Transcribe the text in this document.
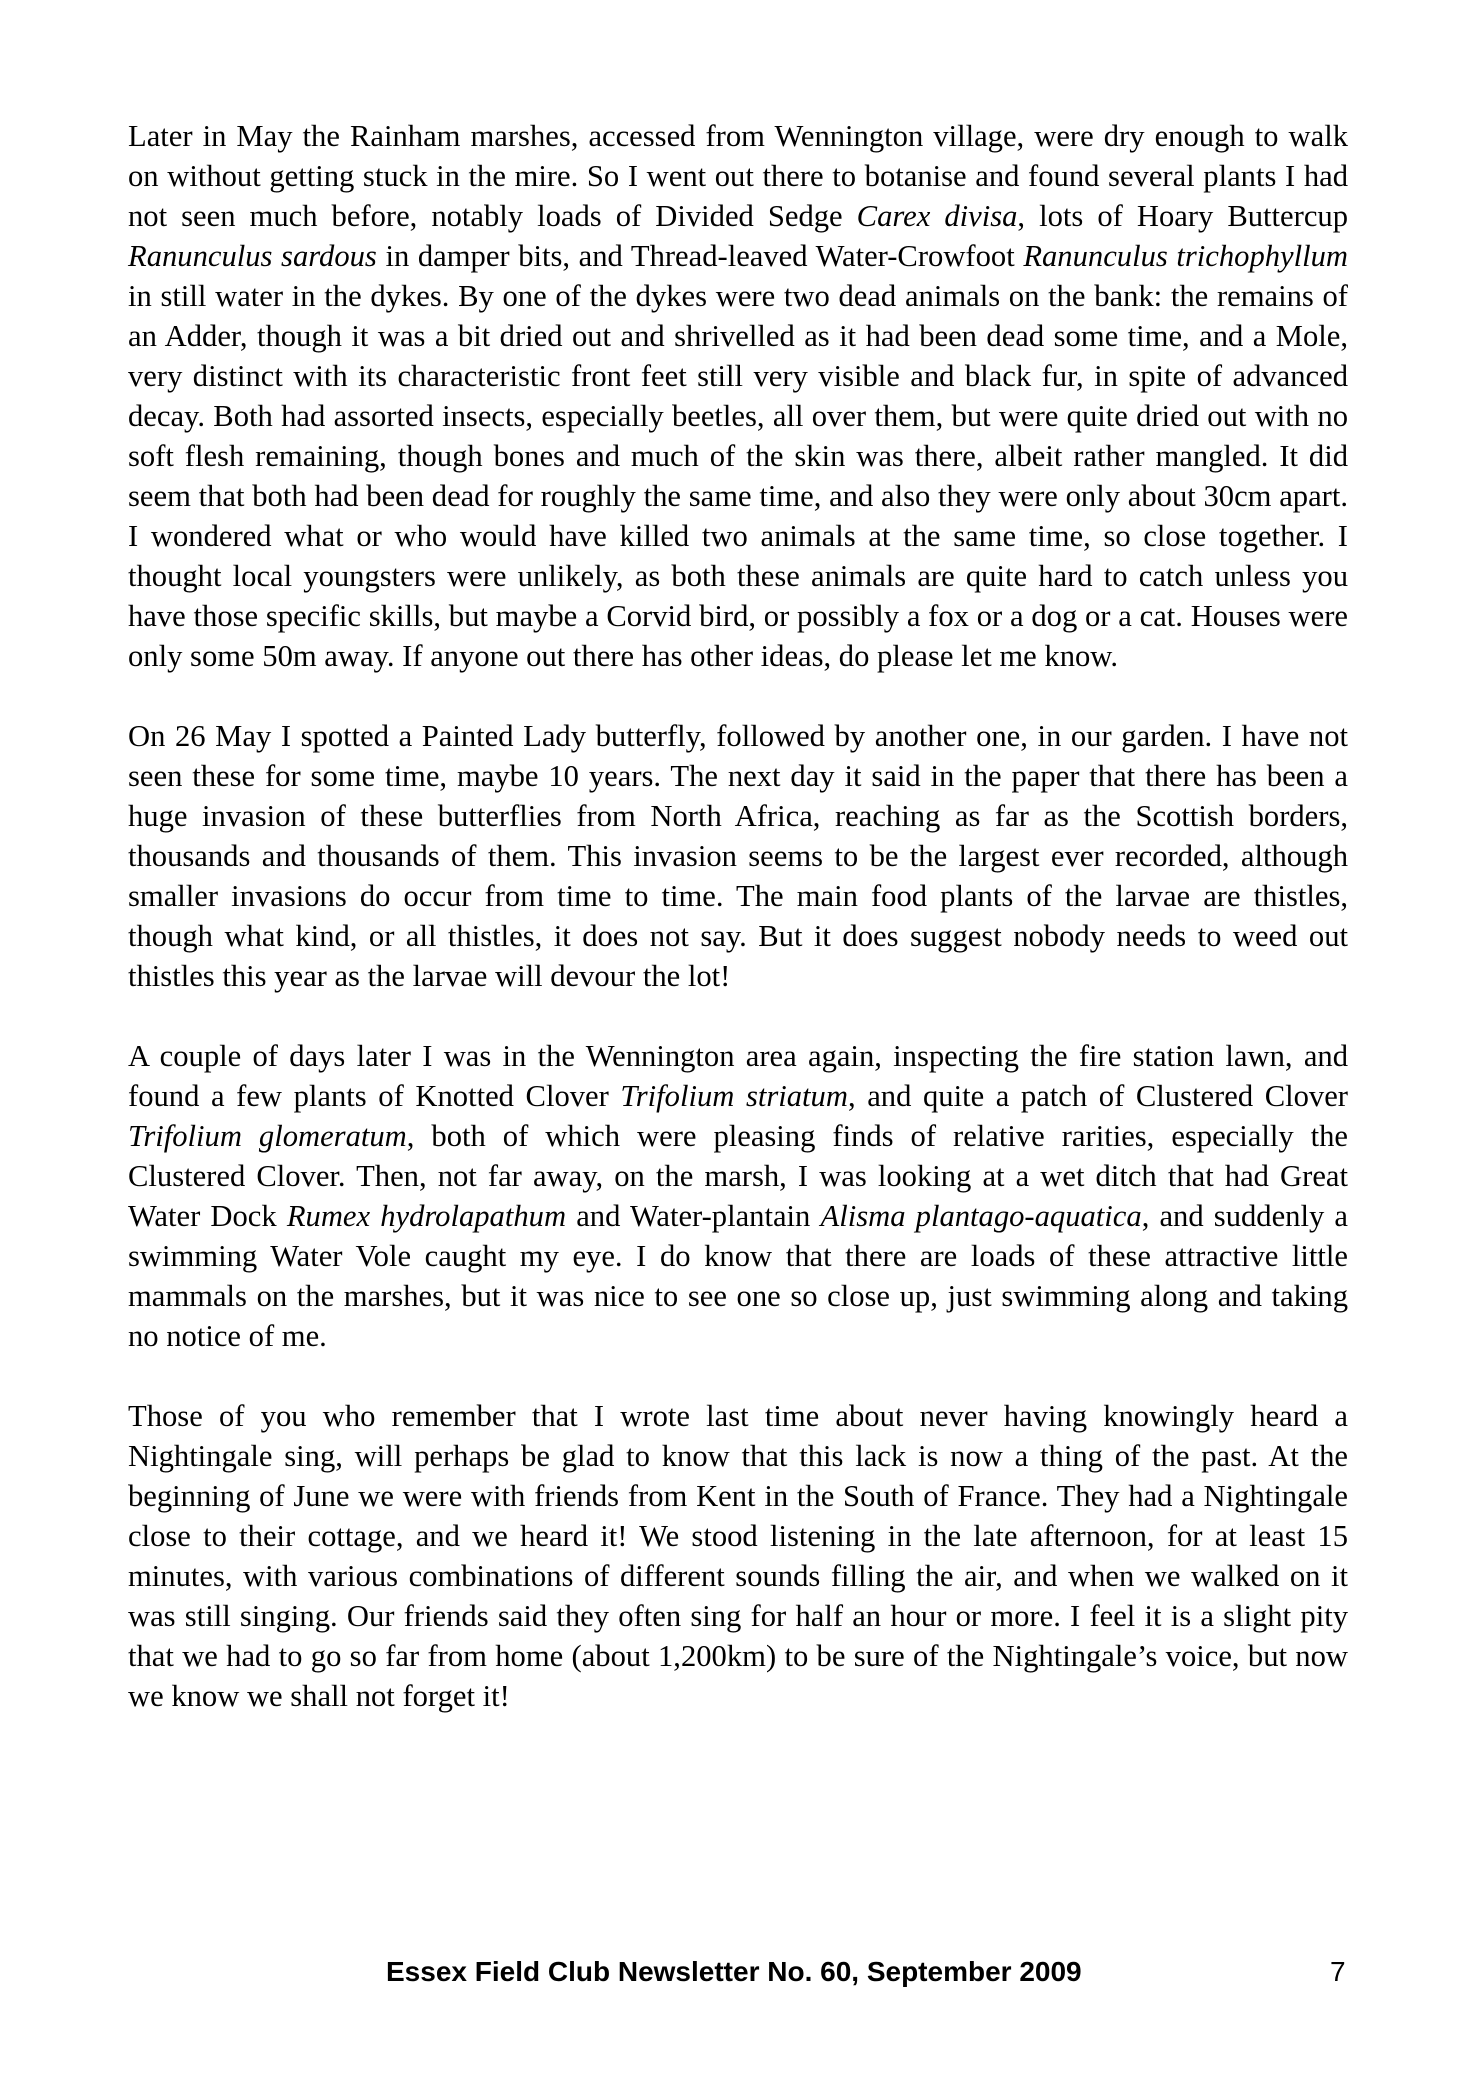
Later in May the Rainham marshes, accessed from Wennington village, were dry enough to walk on without getting stuck in the mire. So I went out there to botanise and found several plants I had not seen much before, notably loads of Divided Sedge Carex divisa, lots of Hoary Buttercup Ranunculus sardous in damper bits, and Thread-leaved Water-Crowfoot Ranunculus trichophyllum in still water in the dykes. By one of the dykes were two dead animals on the bank: the remains of an Adder, though it was a bit dried out and shrivelled as it had been dead some time, and a Mole, very distinct with its characteristic front feet still very visible and black fur, in spite of advanced decay. Both had assorted insects, especially beetles, all over them, but were quite dried out with no soft flesh remaining, though bones and much of the skin was there, albeit rather mangled. It did seem that both had been dead for roughly the same time, and also they were only about 30cm apart. I wondered what or who would have killed two animals at the same time, so close together. I thought local youngsters were unlikely, as both these animals are quite hard to catch unless you have those specific skills, but maybe a Corvid bird, or possibly a fox or a dog or a cat. Houses were only some 50m away. If anyone out there has other ideas, do please let me know.

On 26 May I spotted a Painted Lady butterfly, followed by another one, in our garden. I have not seen these for some time, maybe 10 years. The next day it said in the paper that there has been a huge invasion of these butterflies from North Africa, reaching as far as the Scottish borders, thousands and thousands of them. This invasion seems to be the largest ever recorded, although smaller invasions do occur from time to time. The main food plants of the larvae are thistles, though what kind, or all thistles, it does not say. But it does suggest nobody needs to weed out thistles this year as the larvae will devour the lot!

A couple of days later I was in the Wennington area again, inspecting the fire station lawn, and found a few plants of Knotted Clover Trifolium striatum, and quite a patch of Clustered Clover Trifolium glomeratum, both of which were pleasing finds of relative rarities, especially the Clustered Clover. Then, not far away, on the marsh, I was looking at a wet ditch that had Great Water Dock Rumex hydrolapathum and Water-plantain Alisma plantago-aquatica, and suddenly a swimming Water Vole caught my eye. I do know that there are loads of these attractive little mammals on the marshes, but it was nice to see one so close up, just swimming along and taking no notice of me.

Those of you who remember that I wrote last time about never having knowingly heard a Nightingale sing, will perhaps be glad to know that this lack is now a thing of the past. At the beginning of June we were with friends from Kent in the South of France. They had a Nightingale close to their cottage, and we heard it! We stood listening in the late afternoon, for at least 15 minutes, with various combinations of different sounds filling the air, and when we walked on it was still singing. Our friends said they often sing for half an hour or more. I feel it is a slight pity that we had to go so far from home (about 1,200km) to be sure of the Nightingale’s voice, but now we know we shall not forget it!

Essex Field Club Newsletter No. 60, September 2009	7
